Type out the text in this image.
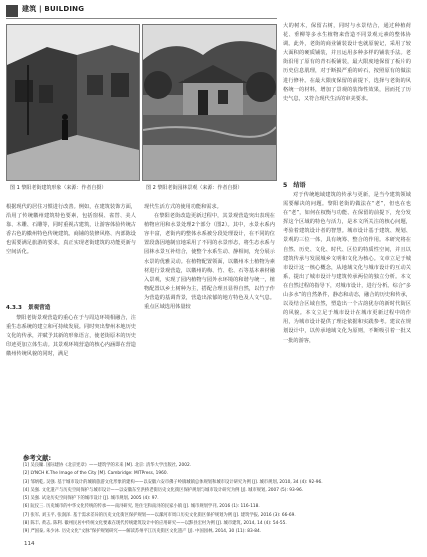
建筑 | BUILDING
图 1 黎阳老街建筑形象（来源：作者自摄）	图 2 黎阳老街园林景观（来源：作者自摄）

大的树木，保留古树，同时与水景结合，通过种植荷花、垂柳等多水生植物来营造不同景观元素的整体协调。此外，老街的商业铺装设计也就原貌记，采用了较大面积的硬质铺装，并且运用多种多样的铺装手法。老街沿用了原有的青石板铺装，最大限度地保留了板片的历史信息肌理，对于断损严重的砖石，按照原有的做法进行修补。在最大限度保留的前提下，选择与老街的风格统一的材料，增加了景观的装饰性效果，因而托了历史气息，又符合现代生活的审美要求。

5 结语

对于传统地域建筑的传承与更新，是当今建筑领域需要解决的问题。黎阳老街的做法在“老”，但也在也在“老”，如何在权衡与功能、在保留的前提下，充分发挥这个区域的特色与活力，是本文所关注的核心问题，考验着建筑设计者的智慧。城市设计基于建筑、规划、景观的三位一体，具有统筹、整合的作用。本研究将在自然、历史、文化、时代、区位的特质性空间，并且以建筑传承与发展城乡文明和文化为核心。文章立足于城市设计这一核心概念，从地域文化与城市设计的互动关系，提出了城市设计与建筑传承两位的独立分析。本文在自然过程的指导下，对城市设计，进行分析。综合“多山多水”的自然条件，静态和动态，融合的历史和传承，以及结合区域自然，塑造出一个古韵犹存的新时代街区的风貌。本文立足于城市设计在城市更新过程中的作用，为城市设计提供了理论依据和实践参考。建议在规划设计中，以传承地域文化为原则，不断吸引着一批又一批的游客，

根据现代的居住习惯进行改善。例如，在建筑装饰方面，沿用了传统徽州建筑特色要素，包括窗棂、雀替、美人靠、木雕、石雕等，同时重视古建筑，让游客体验传统古香古色的徽州特色传统建筑。商铺的装修风格、内部陈设也需要满足旅游的要求，真正实现老街建筑的功能更新与空间活化。

4.3.3 景观营造

黎阳老街景观营造的重心在于与周边环境相融合，注重生态系统的建立和可持续发展。同时突出黎州本地历史文化的传承，并赋予其新的形象语言，使老街原本的历史印迹更加立体生动。其景观环境营造的核心内涵即在营造徽州传统风貌的同时，满足

现代生活方式的使用功能和需求。

在黎阳老街改造更新过程中，其景观营造突出表现在植物应用和水景处理2个部分（图2）。其中，水景水系内容丰富，老街内的整体水系被分段处理设计，在不同的位置段落因地制宜地采用了不同的水景形态，将生态水系与园林水景互补结合，使整个水系生动、静相间，充分展示水景的优雅灵动。在植物配置领面，以徽州本土植物为素材进行景观营造，以徽州的梅、竹、松、石等基本素材融入景观，实现了园内植物与园外水环境的和谐与统一，植物配置以乡土树种为主，搭配合理且显得自然，以竹子作为营造的基调背景，营造出浓郁的地方特色及人文气息。重点区域选用体量较

参考文献:
[1] 吴良镛. 国际建协《北京宪章》——建筑学的未来 [M]. 北京: 清华大学出版社, 2002.
[2] LYNCH K.The Image of the City [M]. Cambridge: MITPress, 1960.
[3] 邹炳乾, 吴强. 基于城市设计的城镇旅游文化形象的建构——以安徽六安市佛子岭镇城镇总体规划和城市设计研究为例 [J]. 城市规划, 2010, 34 (4): 92-96.
[4] 吴强. 文化遗产与历史空间保护与城市设计——以安徽东至洪桥老街历史文化街区保护规划与城市设计研究为例 [J]. 城市规划, 2007 (5): 93-96.
[5] 吴强. 试论历史空间保护下的城市设计 [J]. 城市规划, 2005 (4): 97.
[6] 阮仪三. 历史城市的中华文化传统的传承——南浔研究, 进住宅和南浔的民家小镇 [J]. 城市规划学刊, 2016 (1): 116-118.
[7] 张军, 刘玉平, 张润泽. 基于需求差异的历史文化街区保护规划——以漯河市周口历史文化街区保护规划为例 [J]. 建筑学报, 2016 (3): 66-69.
[8] 陈丰, 黄志, 陈利. 徽州民居中传统文化要素在现代传统建筑设计中的应用研究——以黟县宏村为例 [J]. 城市建筑, 2014, 14 (4): 54-55.
[9] 严国泰, 朱少沐. 历史文化“文脉”保护规划研究——解读苏州平江历史街区文化遗产 [J]. 中国园林, 2014, 30 (11): 83-84.
114
